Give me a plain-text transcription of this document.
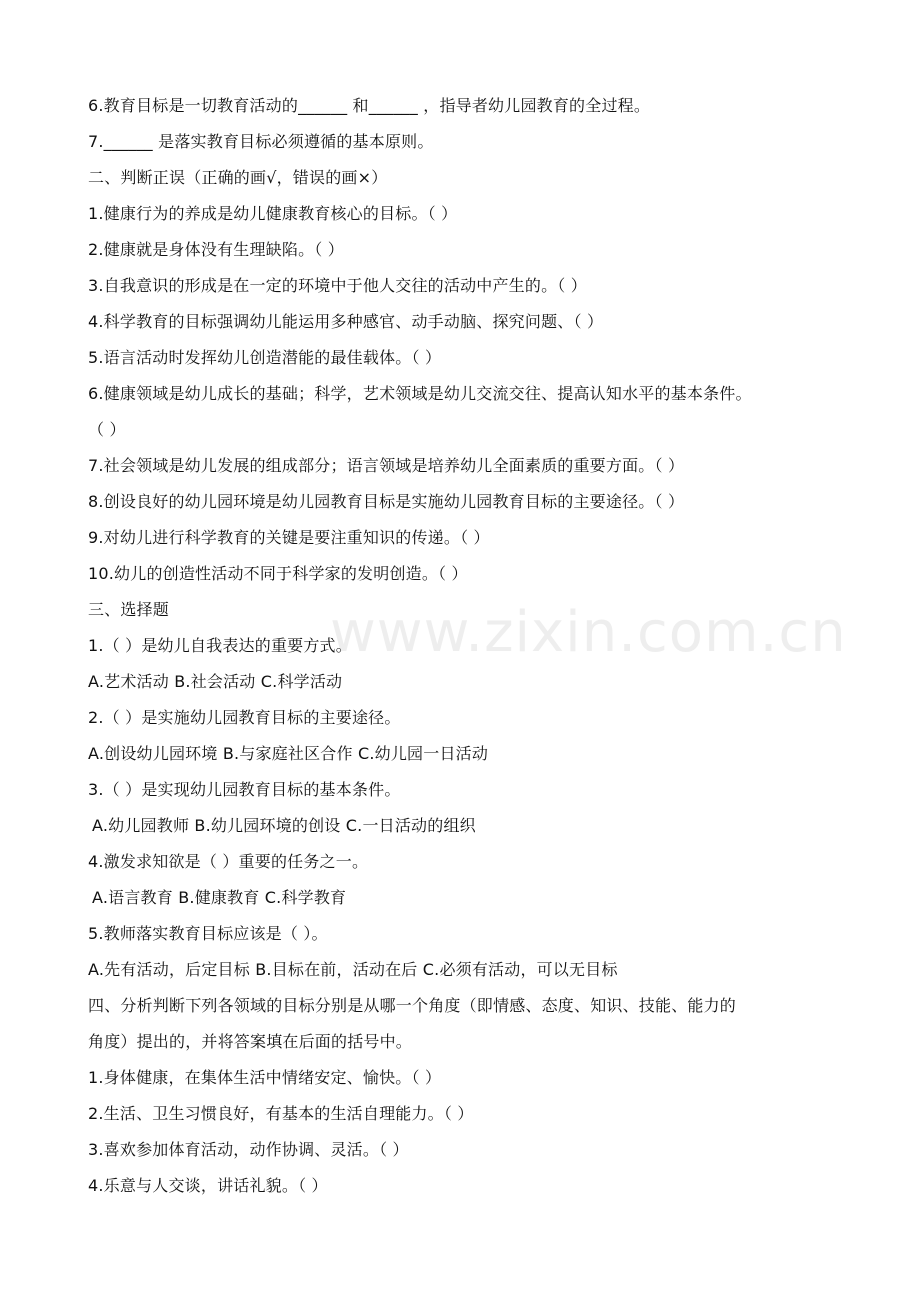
www.zixin.com.cn
6.教育目标是一切教育活动的______ 和______ ，指导者幼儿园教育的全过程。
7.______ 是落实教育目标必须遵循的基本原则。
二、判断正误（正确的画√，错误的画×）
1.健康行为的养成是幼儿健康教育核心的目标。（ ）
2.健康就是身体没有生理缺陷。（ ）
3.自我意识的形成是在一定的环境中于他人交往的活动中产生的。（ ）
4.科学教育的目标强调幼儿能运用多种感官、动手动脑、探究问题、（ ）
5.语言活动时发挥幼儿创造潜能的最佳载体。（ ）
6.健康领域是幼儿成长的基础；科学，艺术领域是幼儿交流交往、提高认知水平的基本条件。
（ ）
7.社会领域是幼儿发展的组成部分；语言领域是培养幼儿全面素质的重要方面。（ ）
8.创设良好的幼儿园环境是幼儿园教育目标是实施幼儿园教育目标的主要途径。（ ）
9.对幼儿进行科学教育的关键是要注重知识的传递。（ ）
10.幼儿的创造性活动不同于科学家的发明创造。（ ）
三、选择题
1.（ ）是幼儿自我表达的重要方式。
A.艺术活动 B.社会活动 C.科学活动
2.（ ）是实施幼儿园教育目标的主要途径。
A.创设幼儿园环境 B.与家庭社区合作 C.幼儿园一日活动
3.（ ）是实现幼儿园教育目标的基本条件。
A.幼儿园教师 B.幼儿园环境的创设 C.一日活动的组织
4.激发求知欲是（ ）重要的任务之一。
A.语言教育 B.健康教育 C.科学教育
5.教师落实教育目标应该是（ ）。
A.先有活动，后定目标 B.目标在前，活动在后 C.必须有活动，可以无目标
四、分析判断下列各领域的目标分别是从哪一个角度（即情感、态度、知识、技能、能力的
角度）提出的，并将答案填在后面的括号中。
1.身体健康，在集体生活中情绪安定、愉快。（ ）
2.生活、卫生习惯良好，有基本的生活自理能力。（ ）
3.喜欢参加体育活动，动作协调、灵活。（ ）
4.乐意与人交谈，讲话礼貌。（ ）
